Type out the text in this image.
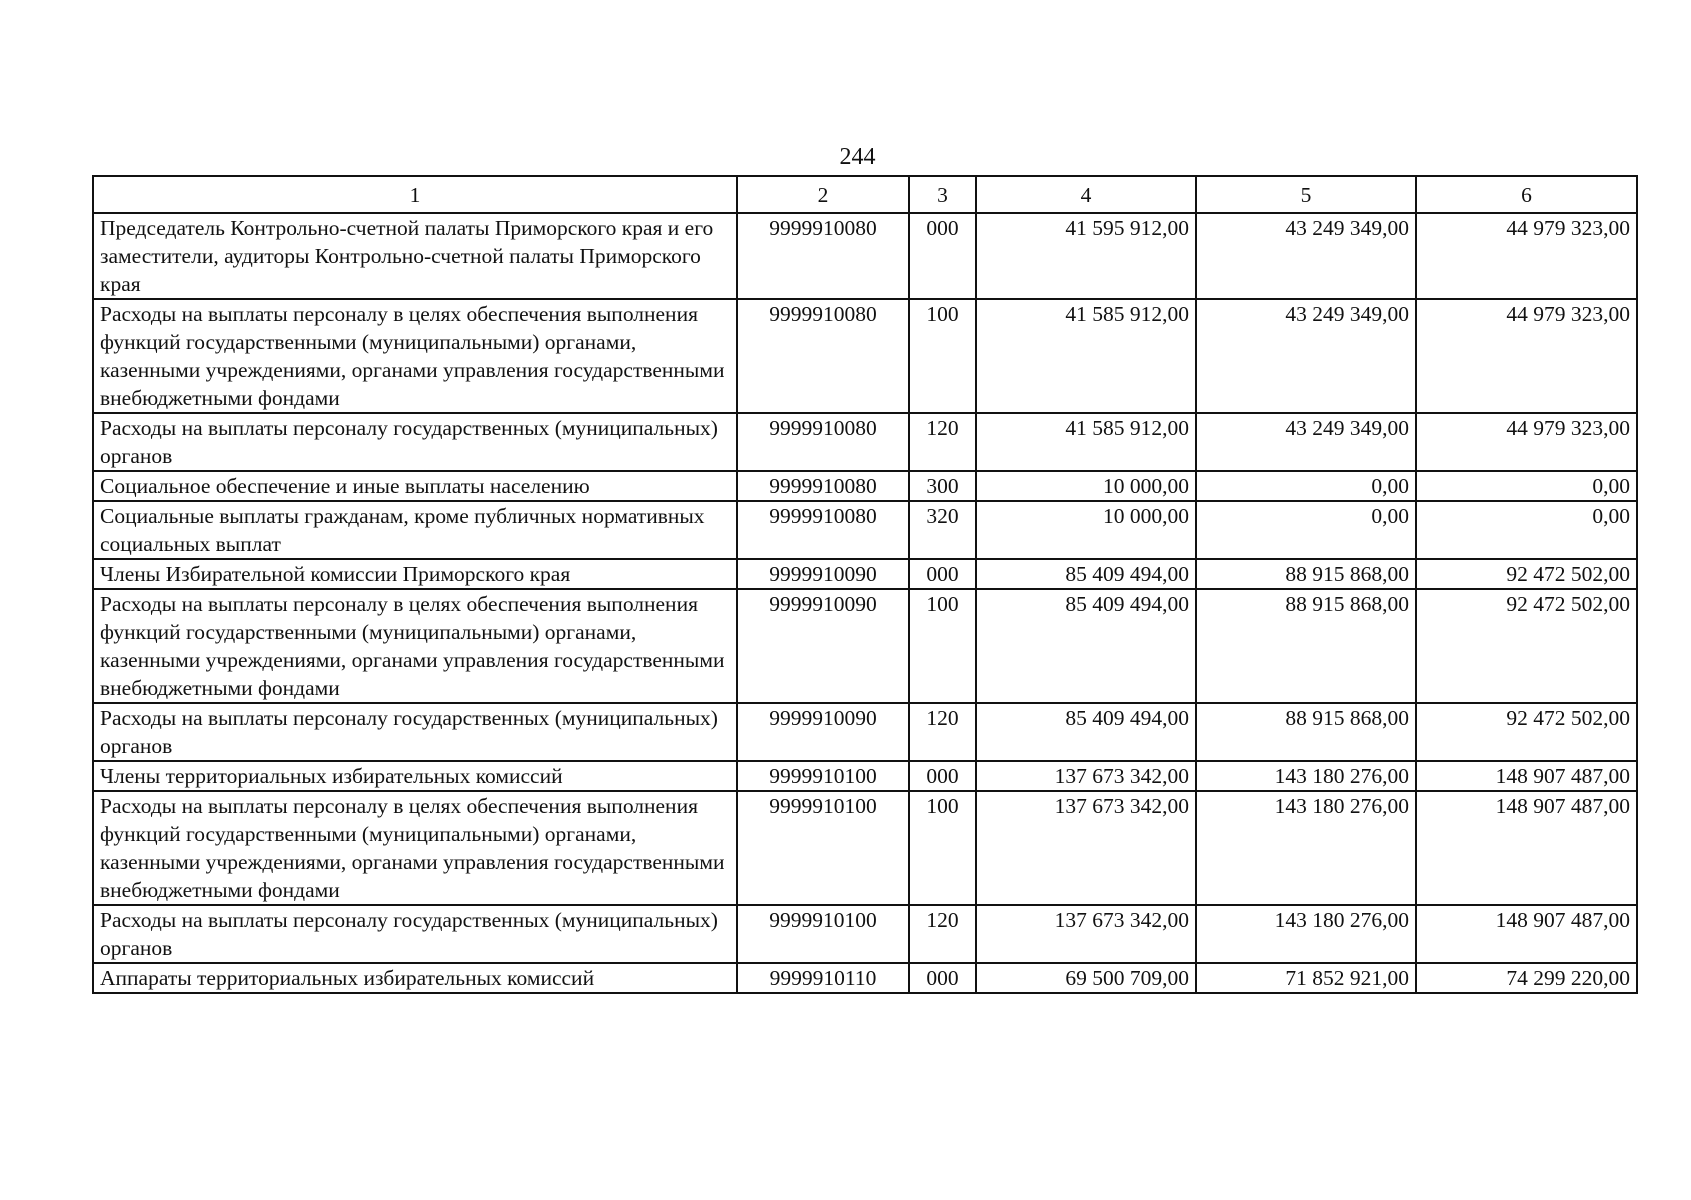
244
1	2	3	4	5	6
Председатель Контрольно-счетной палаты Приморского края и его заместители, аудиторы Контрольно-счетной палаты Приморского края	9999910080	000	41 595 912,00	43 249 349,00	44 979 323,00
Расходы на выплаты персоналу в целях обеспечения выполнения функций государственными (муниципальными) органами, казенными учреждениями, органами управления государственными внебюджетными фондами	9999910080	100	41 585 912,00	43 249 349,00	44 979 323,00
Расходы на выплаты персоналу государственных (муниципальных) органов	9999910080	120	41 585 912,00	43 249 349,00	44 979 323,00
Социальное обеспечение и иные выплаты населению	9999910080	300	10 000,00	0,00	0,00
Социальные выплаты гражданам, кроме публичных нормативных социальных выплат	9999910080	320	10 000,00	0,00	0,00
Члены Избирательной комиссии Приморского края	9999910090	000	85 409 494,00	88 915 868,00	92 472 502,00
Расходы на выплаты персоналу в целях обеспечения выполнения функций государственными (муниципальными) органами, казенными учреждениями, органами управления государственными внебюджетными фондами	9999910090	100	85 409 494,00	88 915 868,00	92 472 502,00
Расходы на выплаты персоналу государственных (муниципальных) органов	9999910090	120	85 409 494,00	88 915 868,00	92 472 502,00
Члены территориальных избирательных комиссий	9999910100	000	137 673 342,00	143 180 276,00	148 907 487,00
Расходы на выплаты персоналу в целях обеспечения выполнения функций государственными (муниципальными) органами, казенными учреждениями, органами управления государственными внебюджетными фондами	9999910100	100	137 673 342,00	143 180 276,00	148 907 487,00
Расходы на выплаты персоналу государственных (муниципальных) органов	9999910100	120	137 673 342,00	143 180 276,00	148 907 487,00
Аппараты территориальных избирательных комиссий	9999910110	000	69 500 709,00	71 852 921,00	74 299 220,00
